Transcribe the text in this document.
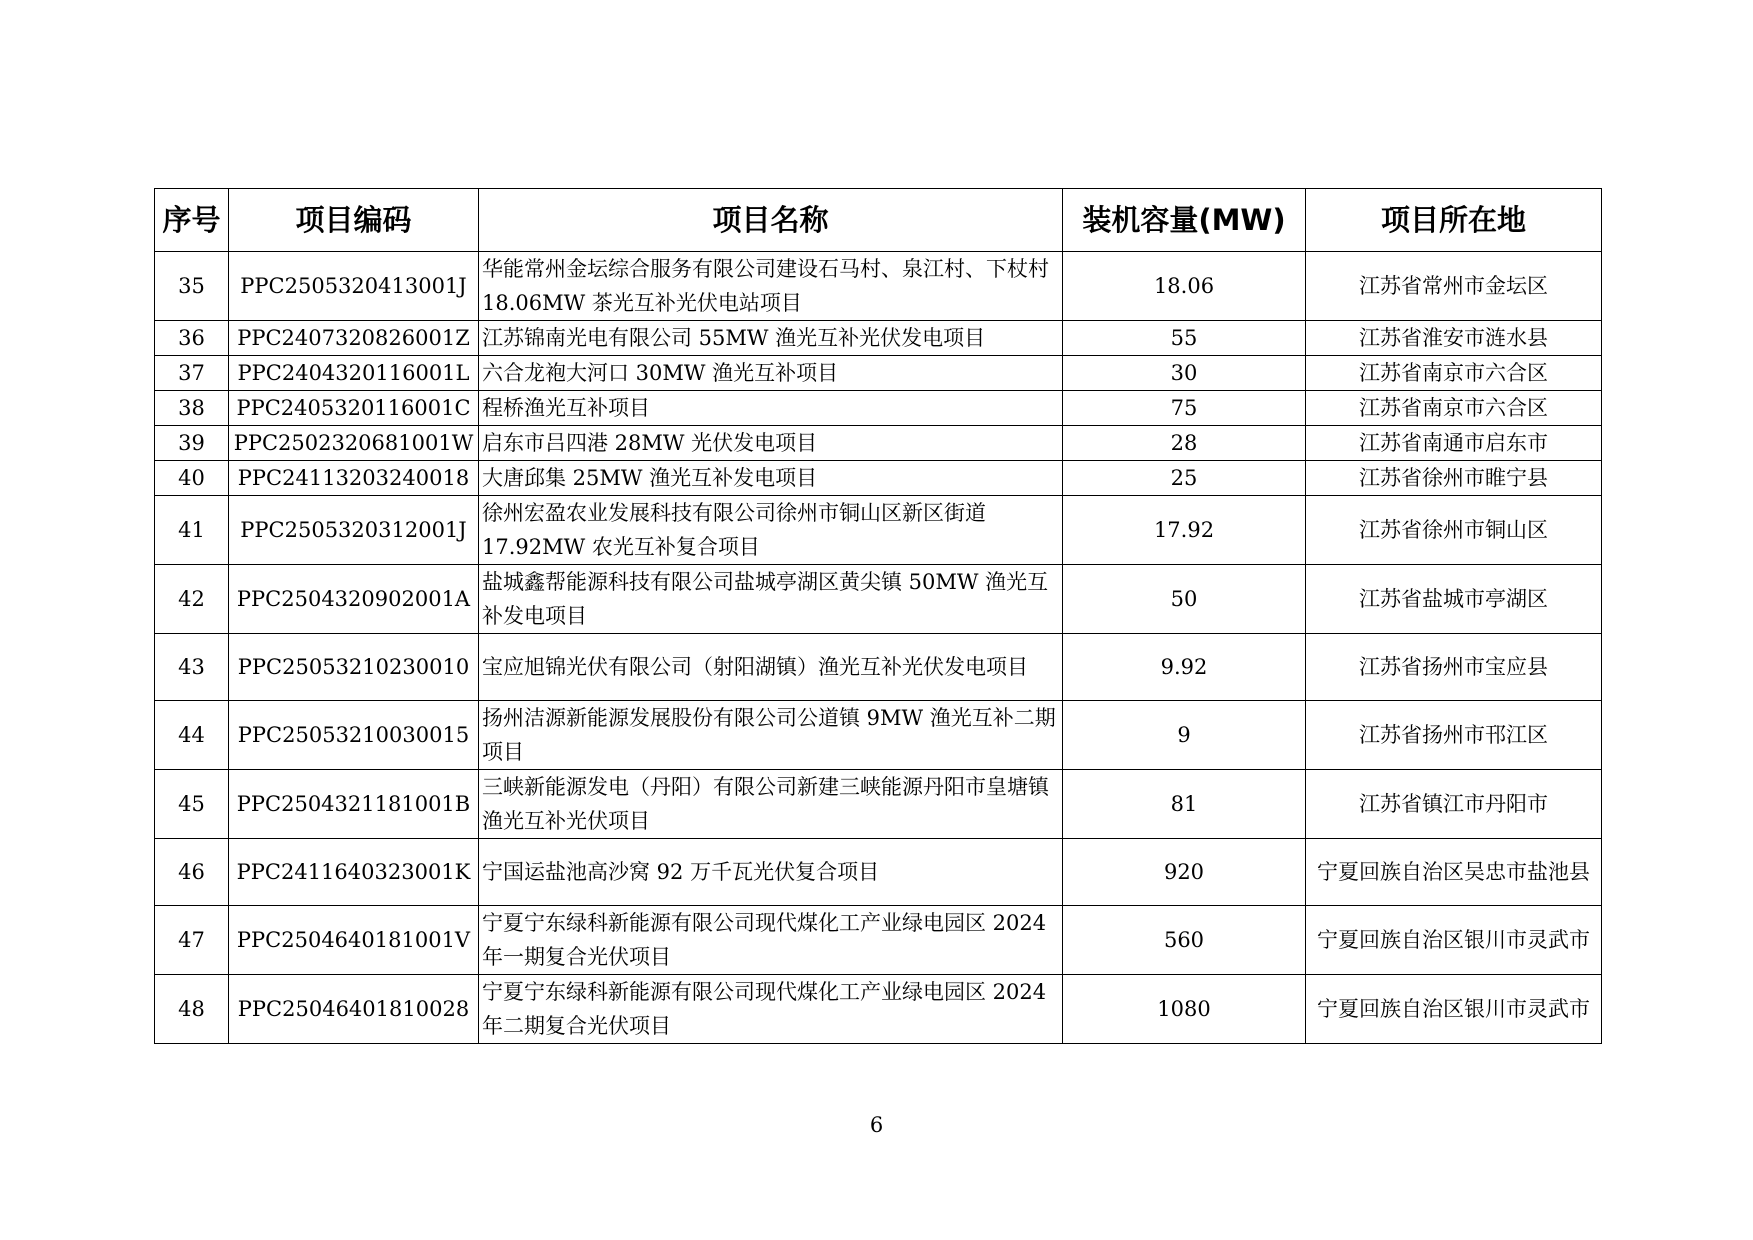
序号	项目编码	项目名称	装机容量(MW)	项目所在地
35	PPC2505320413001J	华能常州金坛综合服务有限公司建设石马村、泉江村、下杖村 18.06MW 茶光互补光伏电站项目	18.06	江苏省常州市金坛区
36	PPC2407320826001Z	江苏锦南光电有限公司 55MW 渔光互补光伏发电项目	55	江苏省淮安市涟水县
37	PPC2404320116001L	六合龙袍大河口 30MW 渔光互补项目	30	江苏省南京市六合区
38	PPC2405320116001C	程桥渔光互补项目	75	江苏省南京市六合区
39	PPC2502320681001W	启东市吕四港 28MW 光伏发电项目	28	江苏省南通市启东市
40	PPC24113203240018	大唐邱集 25MW 渔光互补发电项目	25	江苏省徐州市睢宁县
41	PPC2505320312001J	徐州宏盈农业发展科技有限公司徐州市铜山区新区街道 17.92MW 农光互补复合项目	17.92	江苏省徐州市铜山区
42	PPC2504320902001A	盐城鑫帮能源科技有限公司盐城亭湖区黄尖镇 50MW 渔光互补发电项目	50	江苏省盐城市亭湖区
43	PPC25053210230010	宝应旭锦光伏有限公司（射阳湖镇）渔光互补光伏发电项目	9.92	江苏省扬州市宝应县
44	PPC25053210030015	扬州洁源新能源发展股份有限公司公道镇 9MW 渔光互补二期项目	9	江苏省扬州市邗江区
45	PPC2504321181001B	三峡新能源发电（丹阳）有限公司新建三峡能源丹阳市皇塘镇渔光互补光伏项目	81	江苏省镇江市丹阳市
46	PPC2411640323001K	宁国运盐池高沙窝 92 万千瓦光伏复合项目	920	宁夏回族自治区吴忠市盐池县
47	PPC2504640181001V	宁夏宁东绿科新能源有限公司现代煤化工产业绿电园区 2024 年一期复合光伏项目	560	宁夏回族自治区银川市灵武市
48	PPC25046401810028	宁夏宁东绿科新能源有限公司现代煤化工产业绿电园区 2024 年二期复合光伏项目	1080	宁夏回族自治区银川市灵武市
6
